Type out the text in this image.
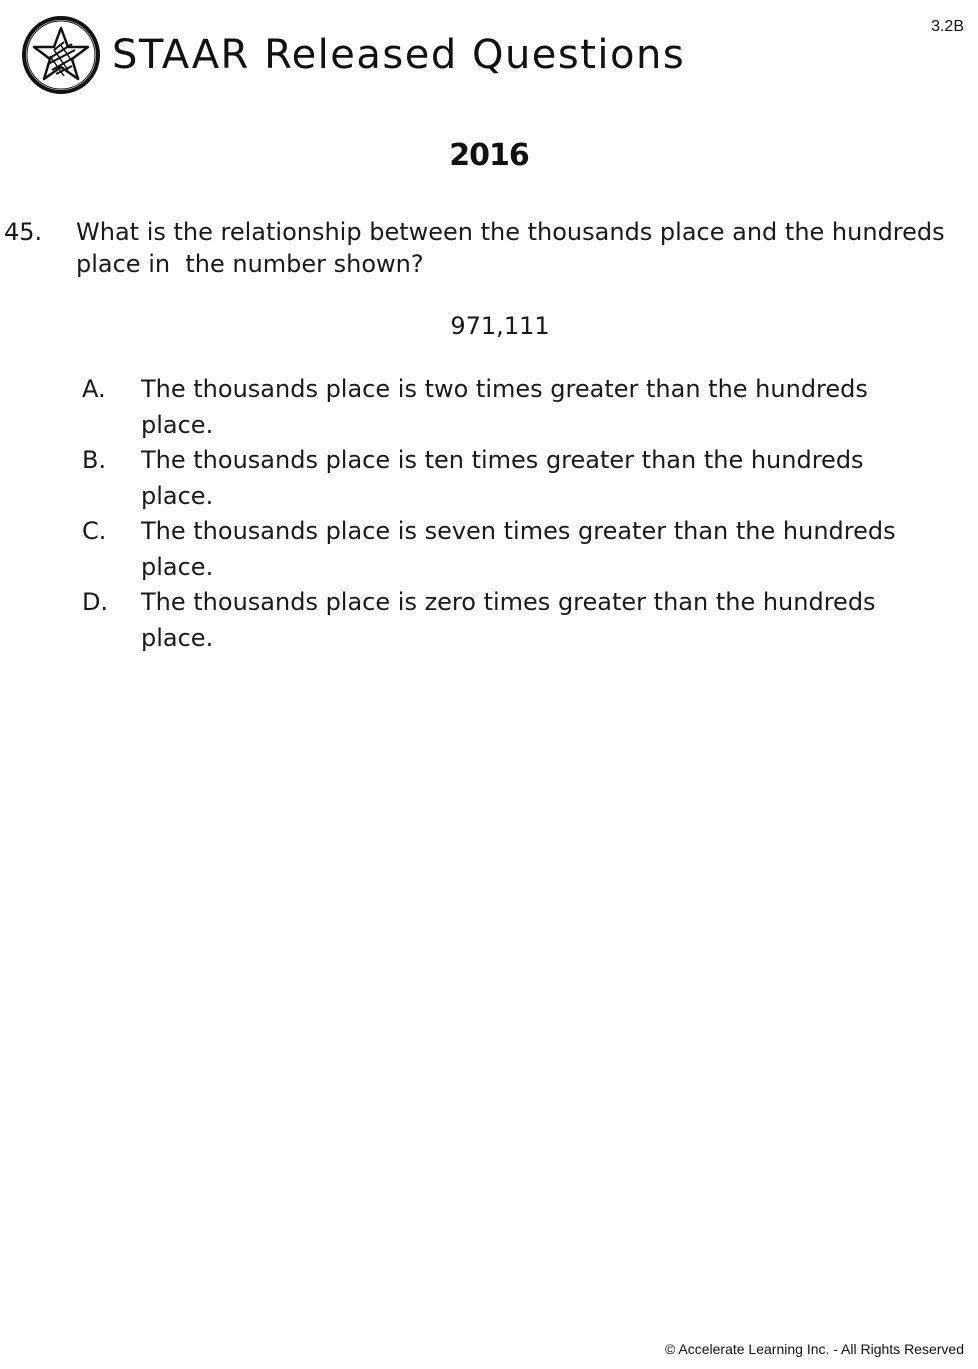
3.2B
STAAR Released Questions
2016
45.	What is the relationship between the thousands place and the hundreds place in  the number shown?
971,111
A.	The thousands place is two times greater than the hundreds place.
B.	The thousands place is ten times greater than the hundreds place.
C.	The thousands place is seven times greater than the hundreds place.
D.	The thousands place is zero times greater than the hundreds place.
© Accelerate Learning Inc. - All Rights Reserved
